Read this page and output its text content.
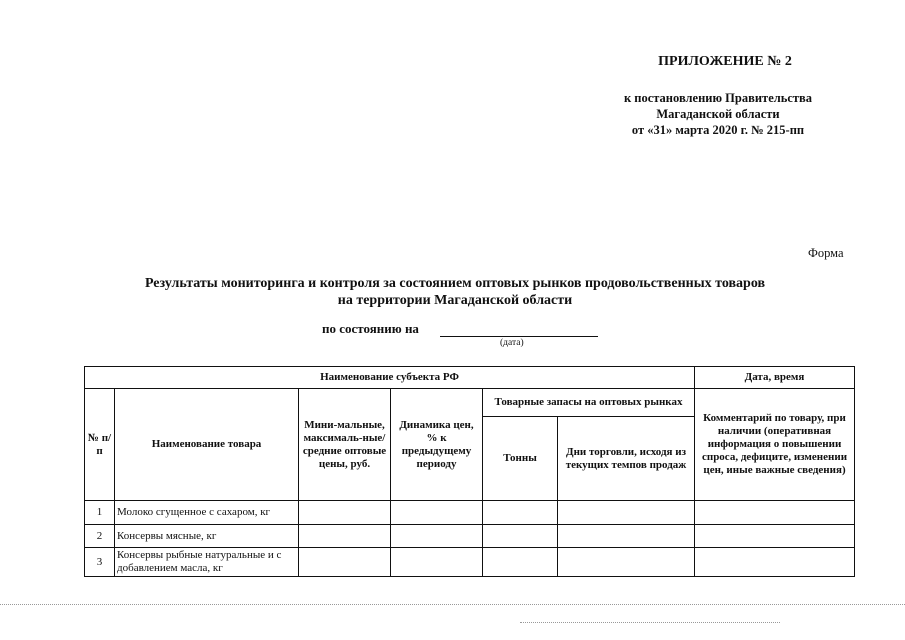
ПРИЛОЖЕНИЕ № 2
к постановлению Правительства
Магаданской области
от «31» марта 2020 г. № 215-пп
Форма
Результаты мониторинга и контроля за состоянием оптовых рынков продовольственных товаров
на территории Магаданской области
по состоянию на
(дата)
Наименование субъекта РФ						Дата, время
№ п/п	Наименование товара	Мини-мальные, максималь-ные/средние оптовые цены, руб.	Динамика цен, % к предыдущему периоду	Товарные запасы на оптовых рынках		Комментарий по товару, при наличии (оперативная информация о повышении спроса, дефиците, изменении цен, иные важные сведения)
				Тонны	Дни торговли, исходя из текущих темпов продаж	
1	Молоко сгущенное с сахаром, кг					
2	Консервы мясные, кг					
3	Консервы рыбные натуральные и с добавлением масла, кг					
